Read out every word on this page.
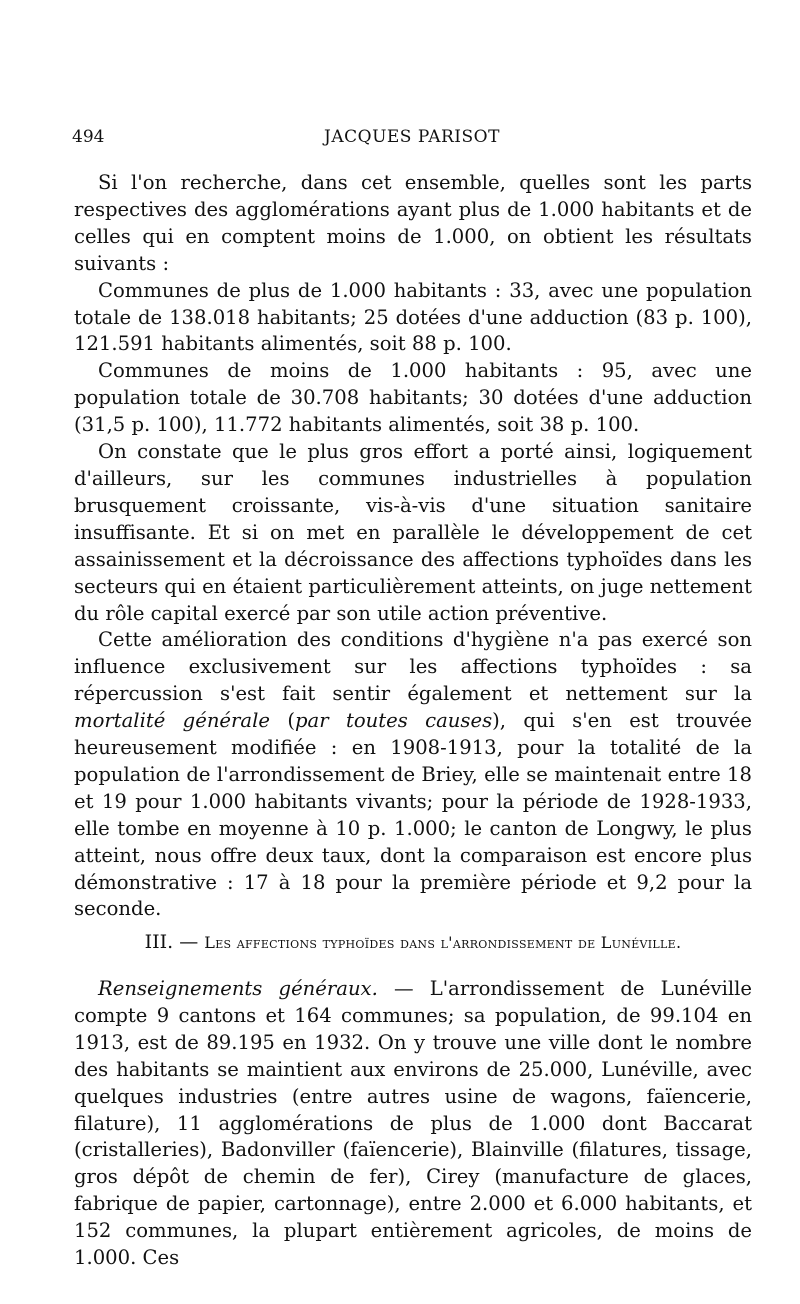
494	JACQUES PARISOT

Si l'on recherche, dans cet ensemble, quelles sont les parts respectives des agglomérations ayant plus de 1.000 habitants et de celles qui en comptent moins de 1.000, on obtient les résultats suivants :

Communes de plus de 1.000 habitants : 33, avec une population totale de 138.018 habitants; 25 dotées d'une adduction (83 p. 100), 121.591 habitants alimentés, soit 88 p. 100.

Communes de moins de 1.000 habitants : 95, avec une population totale de 30.708 habitants; 30 dotées d'une adduction (31,5 p. 100), 11.772 habitants alimentés, soit 38 p. 100.

On constate que le plus gros effort a porté ainsi, logiquement d'ailleurs, sur les communes industrielles à population brusquement croissante, vis-à-vis d'une situation sanitaire insuffisante. Et si on met en parallèle le développement de cet assainissement et la décroissance des affections typhoïdes dans les secteurs qui en étaient particulièrement atteints, on juge nettement du rôle capital exercé par son utile action préventive.

Cette amélioration des conditions d'hygiène n'a pas exercé son influence exclusivement sur les affections typhoïdes : sa répercussion s'est fait sentir également et nettement sur la mortalité générale (par toutes causes), qui s'en est trouvée heureusement modifiée : en 1908-1913, pour la totalité de la population de l'arrondissement de Briey, elle se maintenait entre 18 et 19 pour 1.000 habitants vivants; pour la période de 1928-1933, elle tombe en moyenne à 10 p. 1.000; le canton de Longwy, le plus atteint, nous offre deux taux, dont la comparaison est encore plus démonstrative : 17 à 18 pour la première période et 9,2 pour la seconde.

III. — Les affections typhoïdes dans l'arrondissement de Lunéville.

Renseignements généraux. — L'arrondissement de Lunéville compte 9 cantons et 164 communes; sa population, de 99.104 en 1913, est de 89.195 en 1932. On y trouve une ville dont le nombre des habitants se maintient aux environs de 25.000, Lunéville, avec quelques industries (entre autres usine de wagons, faïencerie, filature), 11 agglomérations de plus de 1.000 dont Baccarat (cristalleries), Badonviller (faïencerie), Blainville (filatures, tissage, gros dépôt de chemin de fer), Cirey (manufacture de glaces, fabrique de papier, cartonnage), entre 2.000 et 6.000 habitants, et 152 communes, la plupart entièrement agricoles, de moins de 1.000. Ces
